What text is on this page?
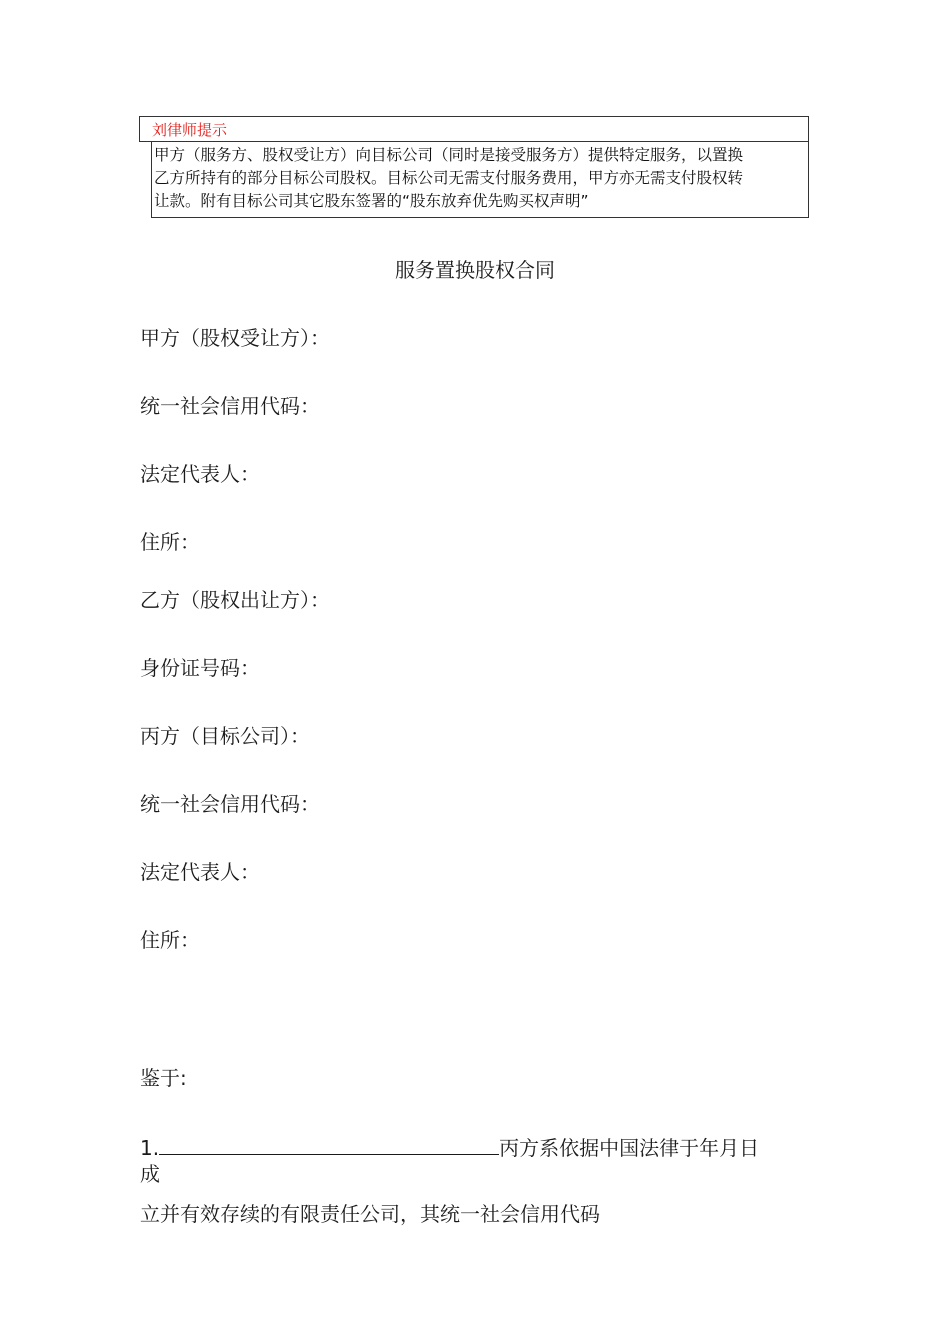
刘律师提示
甲方（服务方、股权受让方）向目标公司（同时是接受服务方）提供特定服务，以置换
乙方所持有的部分目标公司股权。目标公司无需支付服务费用，甲方亦无需支付股权转
让款。附有目标公司其它股东签署的“股东放弃优先购买权声明”
服务置换股权合同
甲方（股权受让方）：
统一社会信用代码：
法定代表人：
住所：
乙方（股权出让方）：
身份证号码：
丙方（目标公司）：
统一社会信用代码：
法定代表人：
住所：
鉴于:
1.	丙方系依据中国法律于年月日
成
立并有效存续的有限责任公司，其统一社会信用代码
